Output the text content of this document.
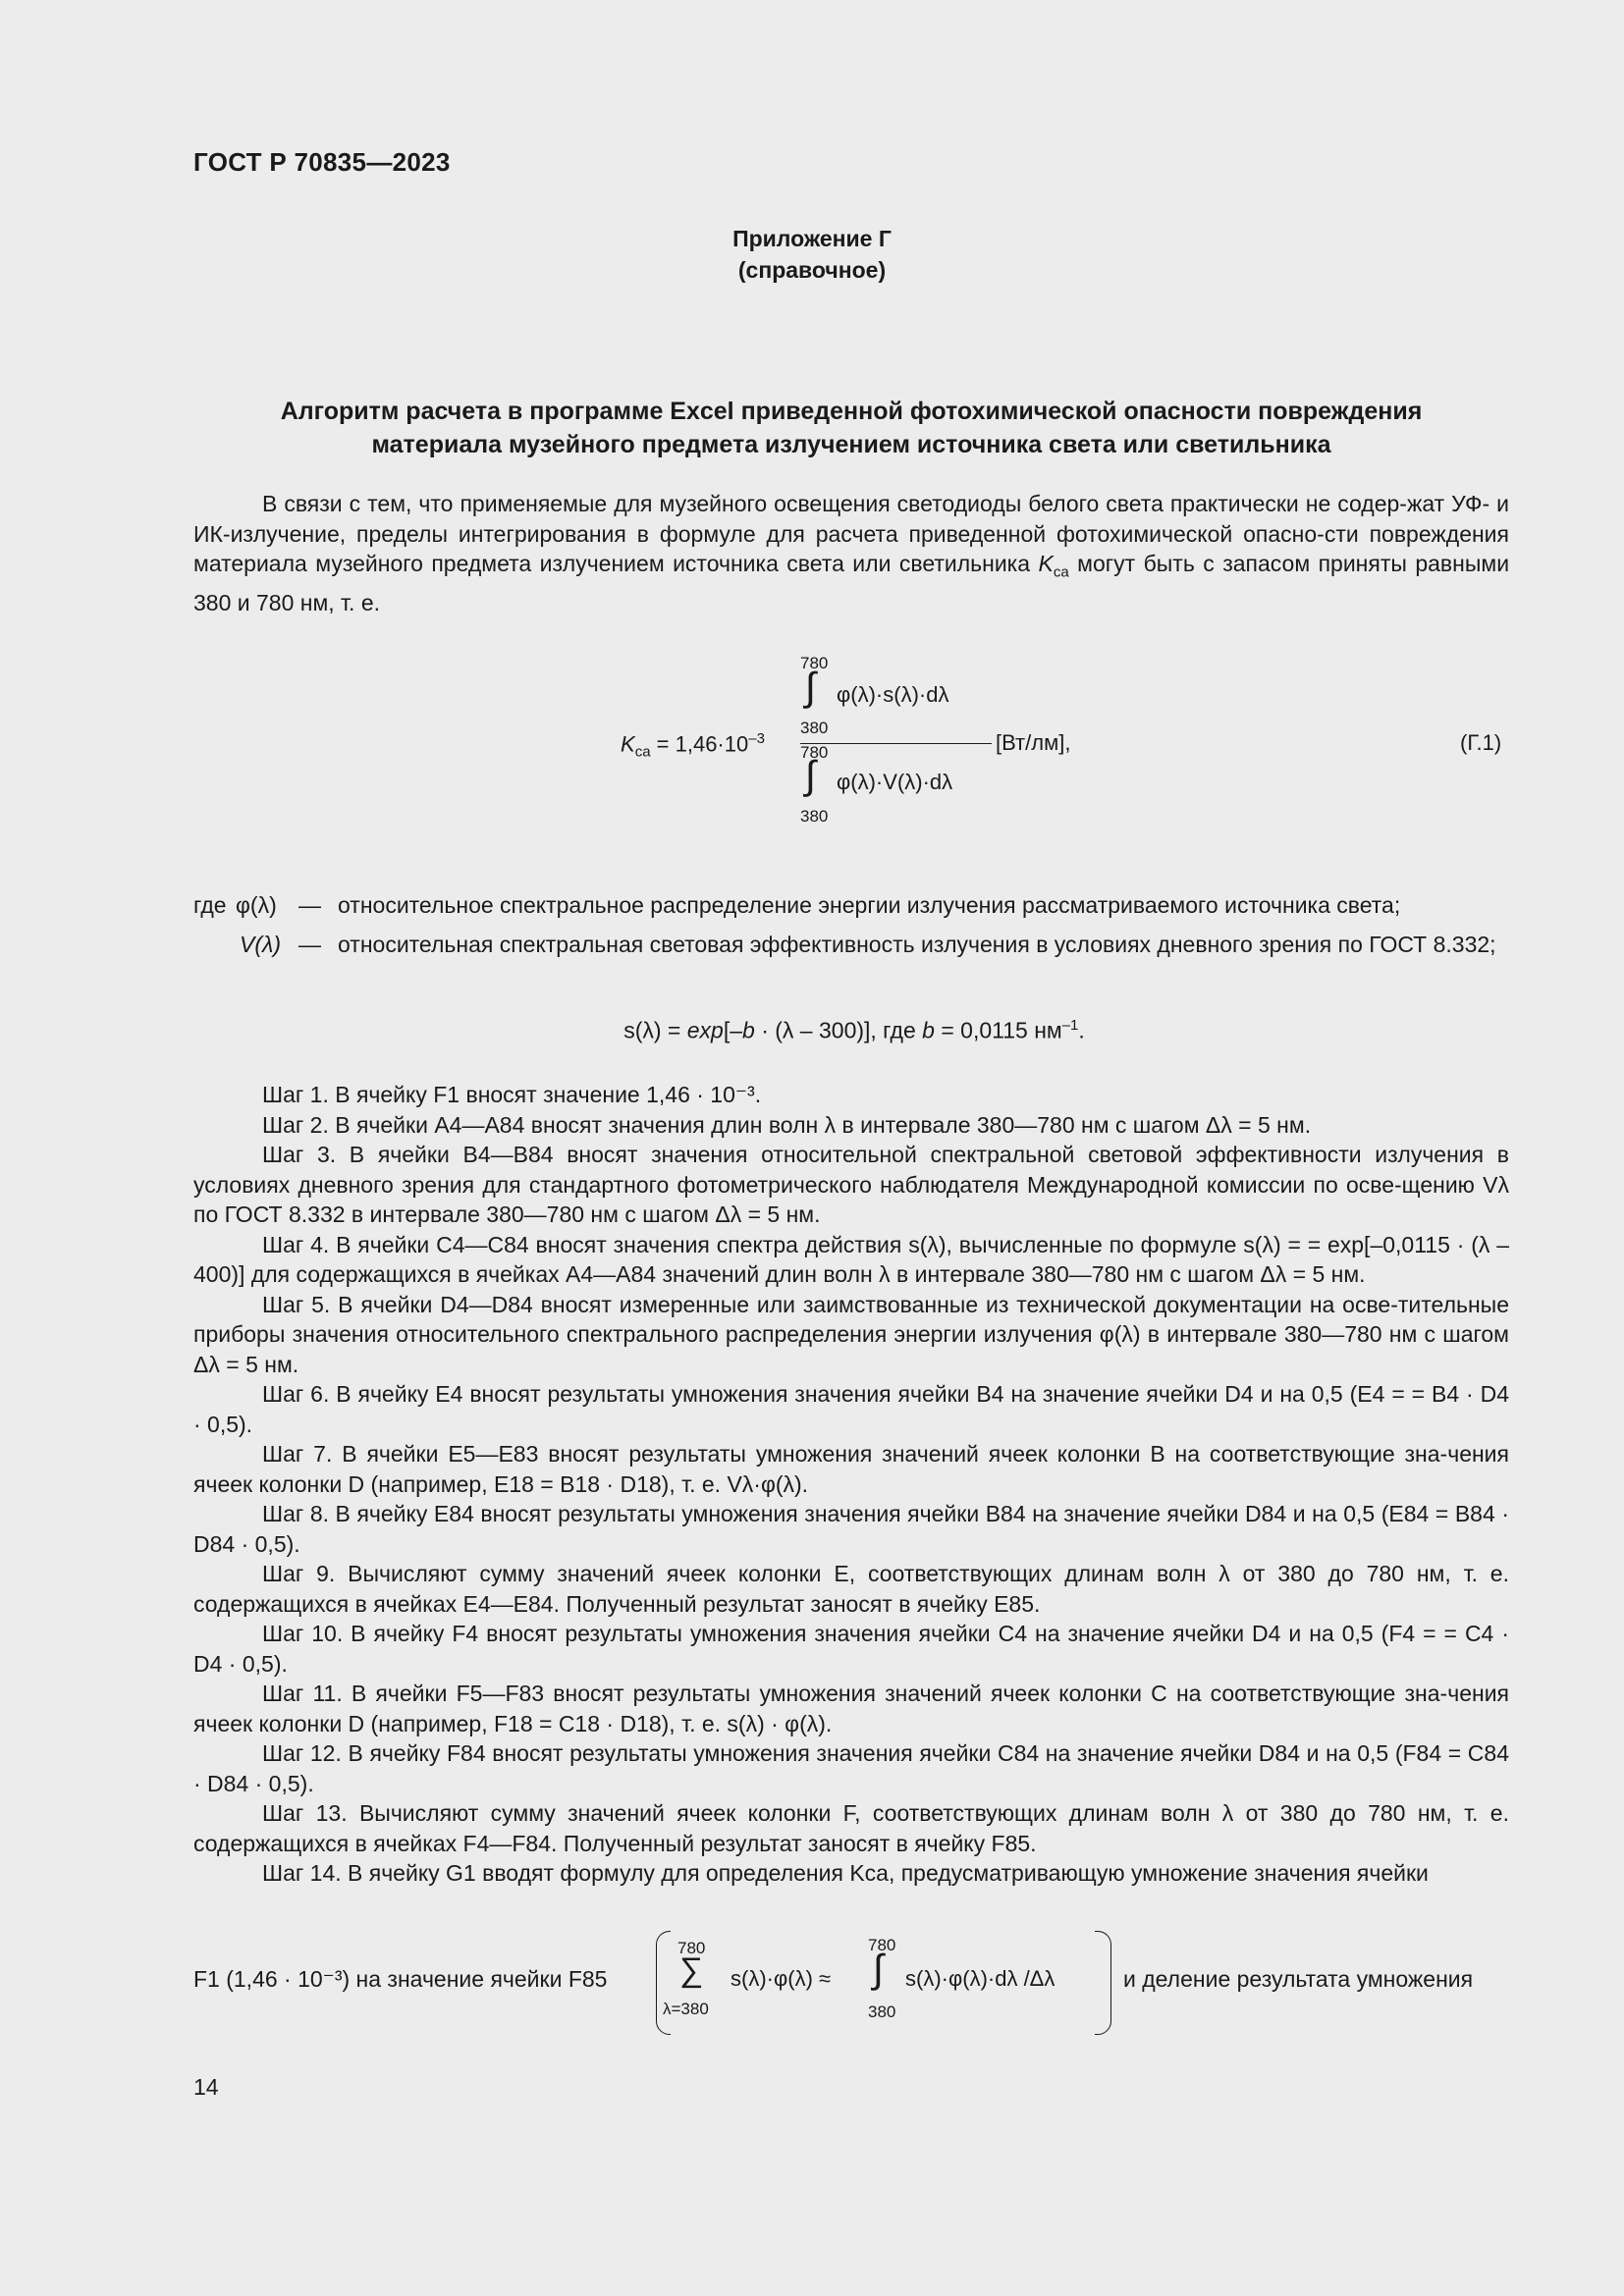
ГОСТ Р 70835—2023
Приложение Г
(справочное)
Алгоритм расчета в программе Excel приведенной фотохимической опасности повреждения
материала музейного предмета излучением источника света или светильника
В связи с тем, что применяемые для музейного освещения светодиоды белого света практически не содер-жат УФ- и ИК-излучение, пределы интегрирования в формуле для расчета приведенной фотохимической опасно-сти повреждения материала музейного предмета излучением источника света или светильника $K_{са}$ могут быть с запасом приняты равными 380 и 780 нм, т. е.
$K_{са} = 1,46\cdot 10^{-3}$
780
∫ φ(λ)·s(λ)·dλ
380
780
∫ φ(λ)·V(λ)·dλ
380
[Вт/лм],	(Г.1)
где φ(λ) — относительное спектральное распределение энергии излучения рассматриваемого источника света;
V(λ) — относительная спектральная световая эффективность излучения в условиях дневного зрения по ГОСТ 8.332;
s(λ) = exp[–b · (λ – 300)], где b = 0,0115 $нм^{-1}$.
Шаг 1. В ячейку F1 вносят значение 1,46 · 10⁻³.
Шаг 2. В ячейки A4—A84 вносят значения длин волн λ в интервале 380—780 нм с шагом Δλ = 5 нм.
Шаг 3. В ячейки B4—B84 вносят значения относительной спектральной световой эффективности излучения в условиях дневного зрения для стандартного фотометрического наблюдателя Международной комиссии по осве-щению Vλ по ГОСТ 8.332 в интервале 380—780 нм с шагом Δλ = 5 нм.
Шаг 4. В ячейки C4—C84 вносят значения спектра действия s(λ), вычисленные по формуле s(λ) = = exp[–0,0115 · (λ – 400)] для содержащихся в ячейках A4—A84 значений длин волн λ в интервале 380—780 нм с шагом Δλ = 5 нм.
Шаг 5. В ячейки D4—D84 вносят измеренные или заимствованные из технической документации на осве-тительные приборы значения относительного спектрального распределения энергии излучения φ(λ) в интервале 380—780 нм с шагом Δλ = 5 нм.
Шаг 6. В ячейку E4 вносят результаты умножения значения ячейки B4 на значение ячейки D4 и на 0,5 (E4 = = B4 · D4 · 0,5).
Шаг 7. В ячейки E5—E83 вносят результаты умножения значений ячеек колонки B на соответствующие зна-чения ячеек колонки D (например, E18 = B18 · D18), т. е. Vλ·φ(λ).
Шаг 8. В ячейку E84 вносят результаты умножения значения ячейки B84 на значение ячейки D84 и на 0,5 (E84 = B84 · D84 · 0,5).
Шаг 9. Вычисляют сумму значений ячеек колонки E, соответствующих длинам волн λ от 380 до 780 нм, т. е. содержащихся в ячейках E4—E84. Полученный результат заносят в ячейку E85.
Шаг 10. В ячейку F4 вносят результаты умножения значения ячейки C4 на значение ячейки D4 и на 0,5 (F4 = = C4 · D4 · 0,5).
Шаг 11. В ячейки F5—F83 вносят результаты умножения значений ячеек колонки C на соответствующие зна-чения ячеек колонки D (например, F18 = C18 · D18), т. е. s(λ) · φ(λ).
Шаг 12. В ячейку F84 вносят результаты умножения значения ячейки C84 на значение ячейки D84 и на 0,5 (F84 = C84 · D84 · 0,5).
Шаг 13. Вычисляют сумму значений ячеек колонки F, соответствующих длинам волн λ от 380 до 780 нм, т. е. содержащихся в ячейках F4—F84. Полученный результат заносят в ячейку F85.
Шаг 14. В ячейку G1 вводят формулу для определения Kса, предусматривающую умножение значения ячейки
F1 (1,46 · 10⁻³) на значение ячейки F85
780
∑
λ=380
s(λ)·φ(λ) ≈
780
∫
380
s(λ)·φ(λ)·dλ /Δλ	и деление результата умножения
14
